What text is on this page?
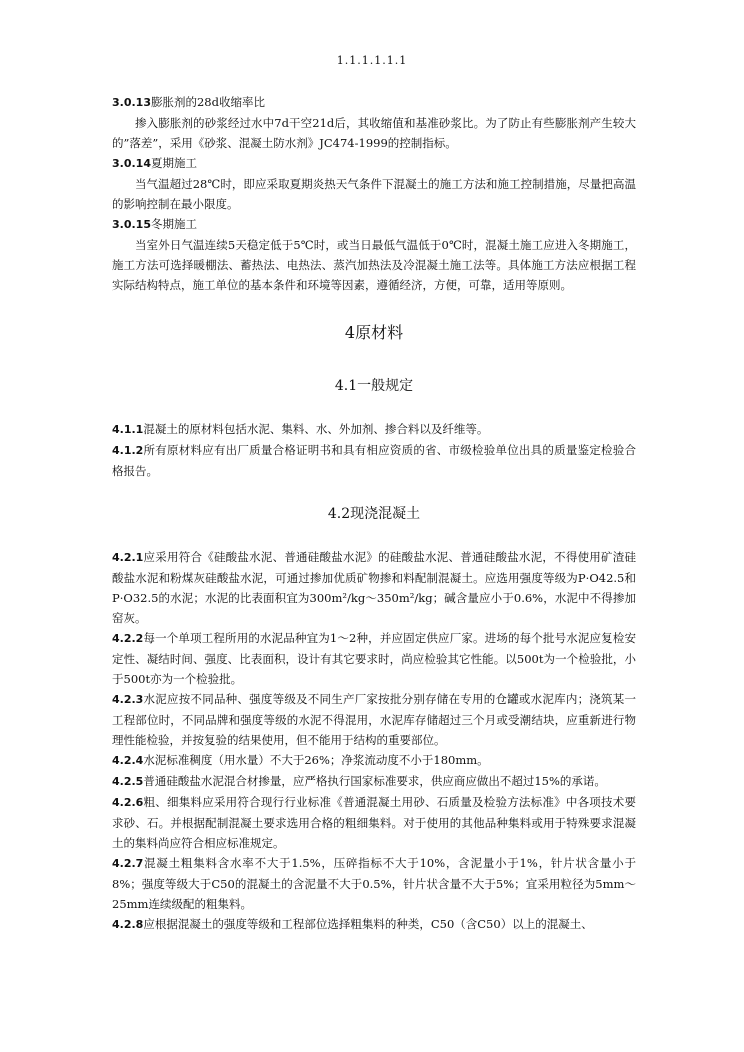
1.1.1.1.1.1

3.0.13膨胀剂的28d收缩率比

掺入膨胀剂的砂浆经过水中7d干空21d后，其收缩值和基准砂浆比。为了防止有些膨胀剂产生较大的”落差”，采用《砂浆、混凝土防水剂》JC474-1999的控制指标。

3.0.14夏期施工

当气温超过28℃时，即应采取夏期炎热天气条件下混凝土的施工方法和施工控制措施，尽量把高温的影响控制在最小限度。

3.0.15冬期施工

当室外日气温连续5天稳定低于5℃时，或当日最低气温低于0℃时，混凝土施工应进入冬期施工，施工方法可选择暖棚法、蓄热法、电热法、蒸汽加热法及冷混凝土施工法等。具体施工方法应根据工程实际结构特点，施工单位的基本条件和环境等因素，遵循经济，方便，可靠，适用等原则。

4原材料
4.1一般规定

4.1.1混凝土的原材料包括水泥、集料、水、外加剂、掺合料以及纤维等。

4.1.2所有原材料应有出厂质量合格证明书和具有相应资质的省、市级检验单位出具的质量鉴定检验合格报告。

4.2现浇混凝土

4.2.1应采用符合《硅酸盐水泥、普通硅酸盐水泥》的硅酸盐水泥、普通硅酸盐水泥，不得使用矿渣硅酸盐水泥和粉煤灰硅酸盐水泥，可通过掺加优质矿物掺和料配制混凝土。应选用强度等级为P·O42.5和P·O32.5的水泥；水泥的比表面积宜为300m²/kg～350m²/kg；碱含量应小于0.6%，水泥中不得掺加窑灰。

4.2.2每一个单项工程所用的水泥品种宜为1～2种，并应固定供应厂家。进场的每个批号水泥应复检安定性、凝结时间、强度、比表面积，设计有其它要求时，尚应检验其它性能。以500t为一个检验批，小于500t亦为一个检验批。

4.2.3水泥应按不同品种、强度等级及不同生产厂家按批分别存储在专用的仓罐或水泥库内；浇筑某一工程部位时，不同品牌和强度等级的水泥不得混用，水泥库存储超过三个月或受潮结块，应重新进行物理性能检验，并按复验的结果使用，但不能用于结构的重要部位。

4.2.4水泥标准稠度（用水量）不大于26%；净浆流动度不小于180mm。

4.2.5普通硅酸盐水泥混合材掺量，应严格执行国家标准要求，供应商应做出不超过15%的承诺。

4.2.6粗、细集料应采用符合现行行业标准《普通混凝土用砂、石质量及检验方法标准》中各项技术要求砂、石。并根据配制混凝土要求选用合格的粗细集料。对于使用的其他品种集料或用于特殊要求混凝土的集料尚应符合相应标准规定。

4.2.7混凝土粗集料含水率不大于1.5%，压碎指标不大于10%，含泥量小于1%，针片状含量小于8%；强度等级大于C50的混凝土的含泥量不大于0.5%，针片状含量不大于5%；宜采用粒径为5mm～25mm连续级配的粗集料。

4.2.8应根据混凝土的强度等级和工程部位选择粗集料的种类，C50（含C50）以上的混凝土、
